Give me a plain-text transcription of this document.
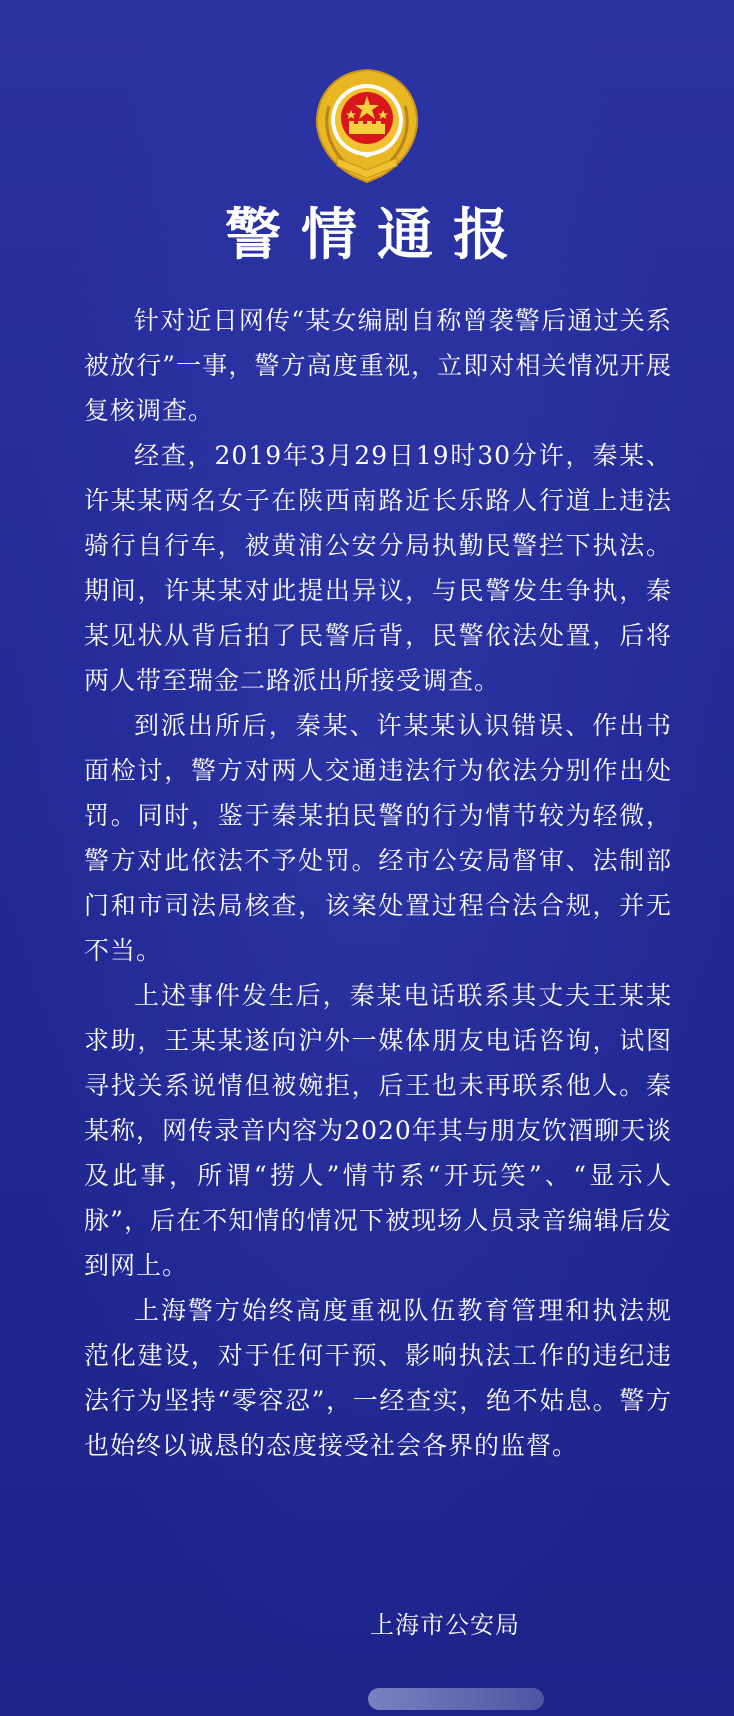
警情通报

针对近日网传“某女编剧自称曾袭警后通过关系被放行”一事，警方高度重视，立即对相关情况开展复核调查。

经查，2019年3月29日19时30分许，秦某、许某某两名女子在陕西南路近长乐路人行道上违法骑行自行车，被黄浦公安分局执勤民警拦下执法。期间，许某某对此提出异议，与民警发生争执，秦某见状从背后拍了民警后背，民警依法处置，后将两人带至瑞金二路派出所接受调查。

到派出所后，秦某、许某某认识错误、作出书面检讨，警方对两人交通违法行为依法分别作出处罚。同时，鉴于秦某拍民警的行为情节较为轻微，警方对此依法不予处罚。经市公安局督审、法制部门和市司法局核查，该案处置过程合法合规，并无不当。

上述事件发生后，秦某电话联系其丈夫王某某求助，王某某遂向沪外一媒体朋友电话咨询，试图寻找关系说情但被婉拒，后王也未再联系他人。秦某称，网传录音内容为2020年其与朋友饮酒聊天谈及此事，所谓“捞人”情节系“开玩笑”、“显示人脉”，后在不知情的情况下被现场人员录音编辑后发到网上。

上海警方始终高度重视队伍教育管理和执法规范化建设，对于任何干预、影响执法工作的违纪违法行为坚持“零容忍”，一经查实，绝不姑息。警方也始终以诚恳的态度接受社会各界的监督。

上海市公安局
